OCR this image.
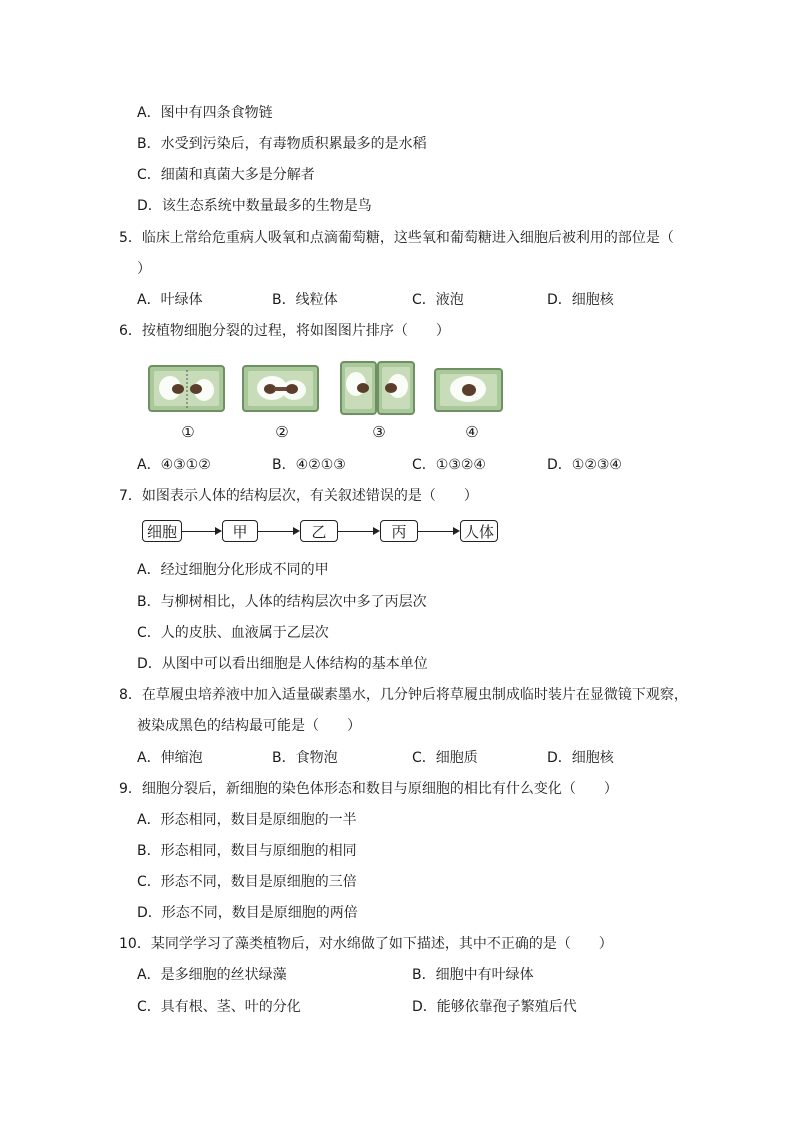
A．图中有四条食物链
B．水受到污染后，有毒物质积累最多的是水稻
C．细菌和真菌大多是分解者
D．该生态系统中数量最多的生物是鸟
5．临床上常给危重病人吸氧和点滴葡萄糖，这些氧和葡萄糖进入细胞后被利用的部位是（
）
A．叶绿体	B．线粒体	C．液泡	D．细胞核
6．按植物细胞分裂的过程，将如图图片排序（　　）
①	②	③	④
A．④③①②	B．④②①③	C．①③②④	D．①②③④
7．如图表示人体的结构层次，有关叙述错误的是（　　）
细胞	甲	乙	丙	人体
A．经过细胞分化形成不同的甲
B．与柳树相比，人体的结构层次中多了丙层次
C．人的皮肤、血液属于乙层次
D．从图中可以看出细胞是人体结构的基本单位
8．在草履虫培养液中加入适量碳素墨水，几分钟后将草履虫制成临时装片在显微镜下观察，
被染成黑色的结构最可能是（　　）
A．伸缩泡	B．食物泡	C．细胞质	D．细胞核
9．细胞分裂后，新细胞的染色体形态和数目与原细胞的相比有什么变化（　　）
A．形态相同，数目是原细胞的一半
B．形态相同，数目与原细胞的相同
C．形态不同，数目是原细胞的三倍
D．形态不同，数目是原细胞的两倍
10．某同学学习了藻类植物后，对水绵做了如下描述，其中不正确的是（　　）
A．是多细胞的丝状绿藻	B．细胞中有叶绿体
C．具有根、茎、叶的分化	D．能够依靠孢子繁殖后代
